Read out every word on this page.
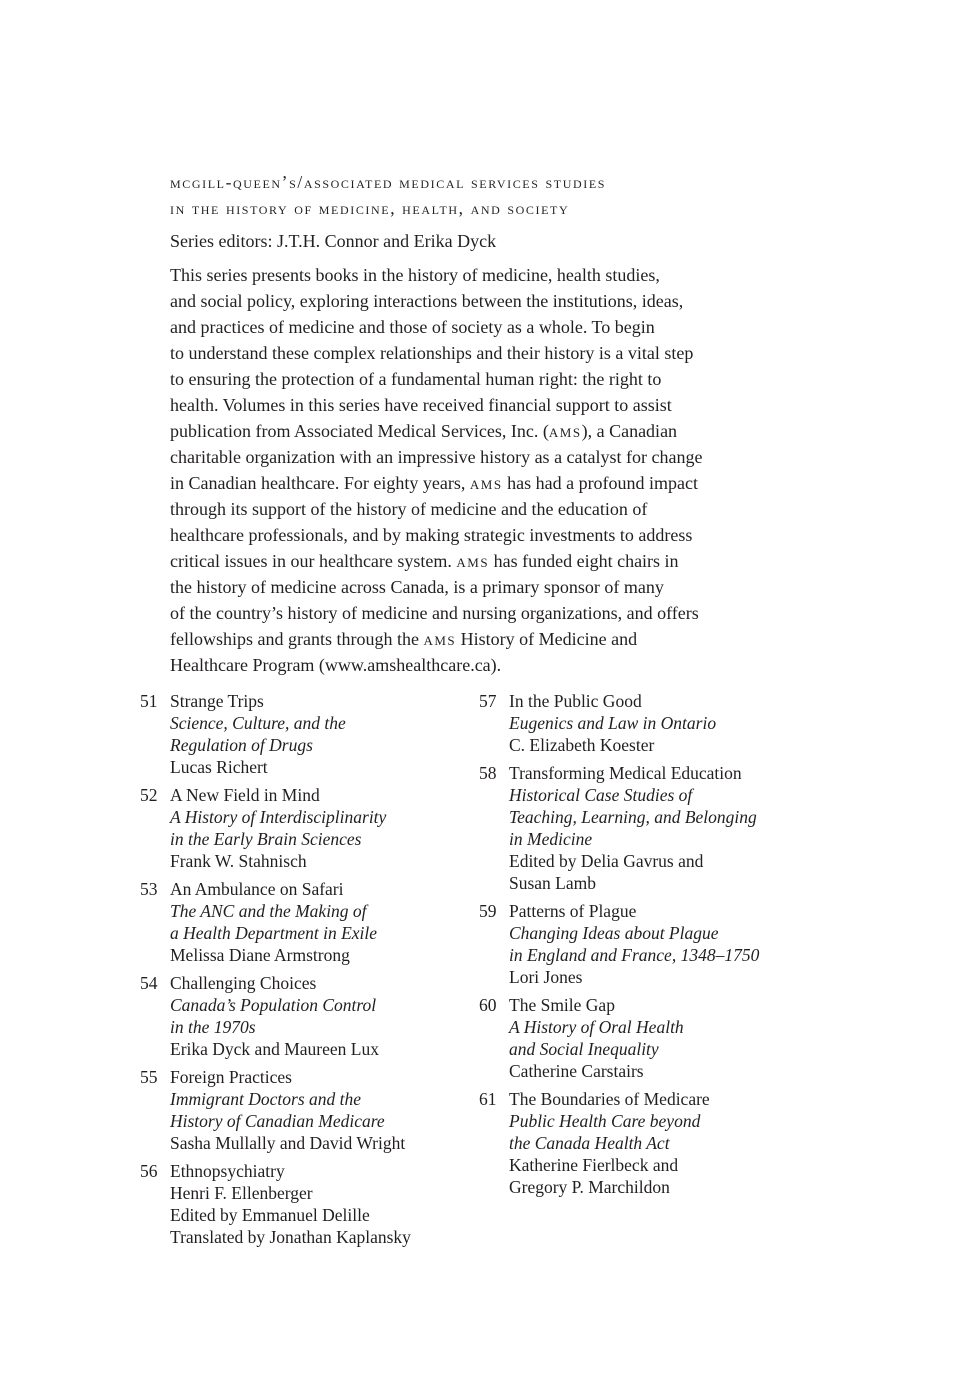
mcgill-queen’s/associated medical services studies
in the history of medicine, health, and society
Series editors: J.T.H. Connor and Erika Dyck
This series presents books in the history of medicine, health studies,
and social policy, exploring interactions between the institutions, ideas,
and practices of medicine and those of society as a whole. To begin
to understand these complex relationships and their history is a vital step
to ensuring the protection of a fundamental human right: the right to
health. Volumes in this series have received financial support to assist
publication from Associated Medical Services, Inc. (ams), a Canadian
charitable organization with an impressive history as a catalyst for change
in Canadian healthcare. For eighty years, ams has had a profound impact
through its support of the history of medicine and the education of
healthcare professionals, and by making strategic investments to address
critical issues in our healthcare system. ams has funded eight chairs in
the history of medicine across Canada, is a primary sponsor of many
of the country’s history of medicine and nursing organizations, and offers
fellowships and grants through the ams History of Medicine and
Healthcare Program (www.amshealthcare.ca).
51 Strange Trips
Science, Culture, and the
Regulation of Drugs
Lucas Richert
52 A New Field in Mind
A History of Interdisciplinarity
in the Early Brain Sciences
Frank W. Stahnisch
53 An Ambulance on Safari
The ANC and the Making of
a Health Department in Exile
Melissa Diane Armstrong
54 Challenging Choices
Canada’s Population Control
in the 1970s
Erika Dyck and Maureen Lux
55 Foreign Practices
Immigrant Doctors and the
History of Canadian Medicare
Sasha Mullally and David Wright
56 Ethnopsychiatry
Henri F. Ellenberger
Edited by Emmanuel Delille
Translated by Jonathan Kaplansky
57 In the Public Good
Eugenics and Law in Ontario
C. Elizabeth Koester
58 Transforming Medical Education
Historical Case Studies of
Teaching, Learning, and Belonging
in Medicine
Edited by Delia Gavrus and
Susan Lamb
59 Patterns of Plague
Changing Ideas about Plague
in England and France, 1348–1750
Lori Jones
60 The Smile Gap
A History of Oral Health
and Social Inequality
Catherine Carstairs
61 The Boundaries of Medicare
Public Health Care beyond
the Canada Health Act
Katherine Fierlbeck and
Gregory P. Marchildon
